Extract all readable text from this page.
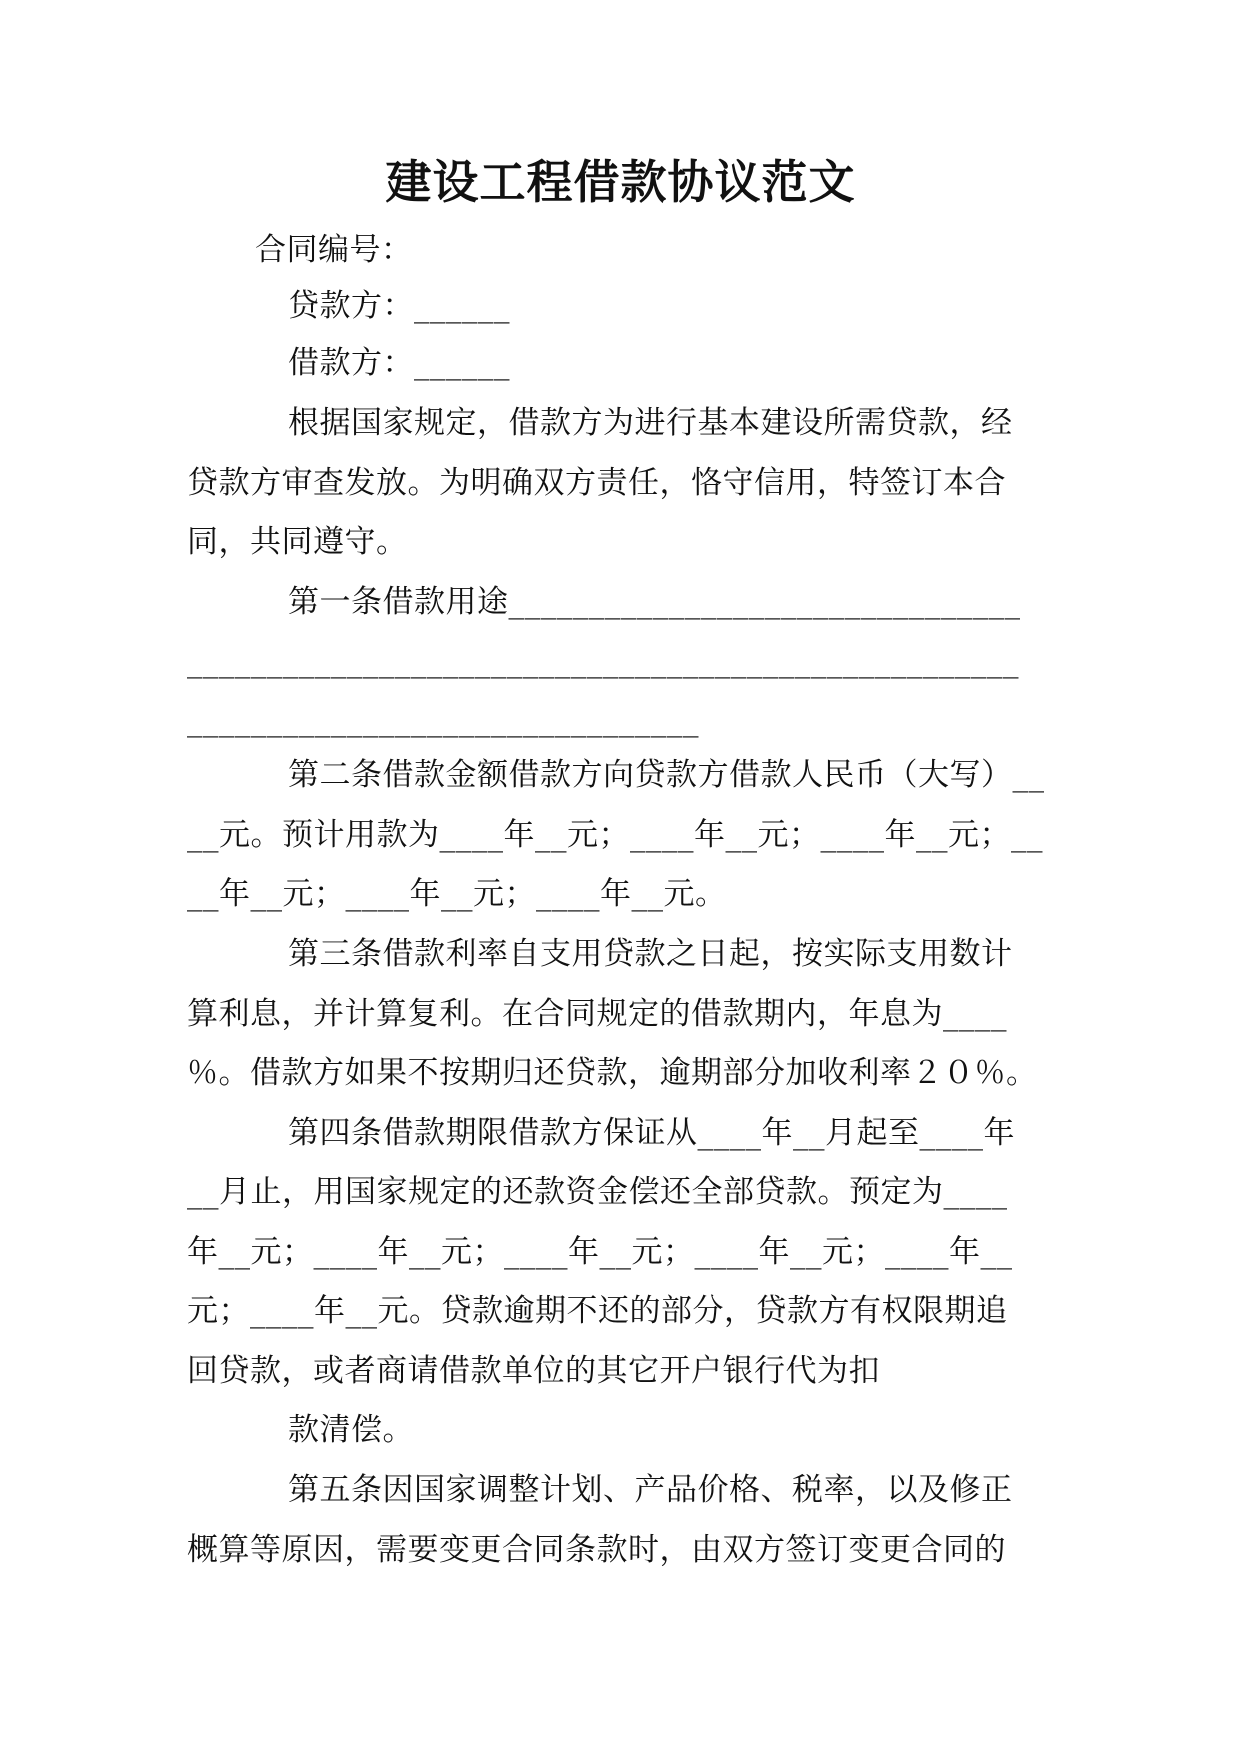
建设工程借款协议范文
合同编号：
贷款方：______
借款方：______
根据国家规定，借款方为进行基本建设所需贷款，经
贷款方审查发放。为明确双方责任，恪守信用，特签订本合
同，共同遵守。
第一条借款用途________________________________
____________________________________________________
________________________________
第二条借款金额借款方向贷款方借款人民币（大写）__
__元。预计用款为____年__元；____年__元；____年__元；__
__年__元；____年__元；____年__元。
第三条借款利率自支用贷款之日起，按实际支用数计
算利息，并计算复利。在合同规定的借款期内，年息为____
％。借款方如果不按期归还贷款，逾期部分加收利率２０％。
第四条借款期限借款方保证从____年__月起至____年
__月止，用国家规定的还款资金偿还全部贷款。预定为____
年__元；____年__元；____年__元；____年__元；____年__
元；____年__元。贷款逾期不还的部分，贷款方有权限期追
回贷款，或者商请借款单位的其它开户银行代为扣
款清偿。
第五条因国家调整计划、产品价格、税率，以及修正
概算等原因，需要变更合同条款时，由双方签订变更合同的
